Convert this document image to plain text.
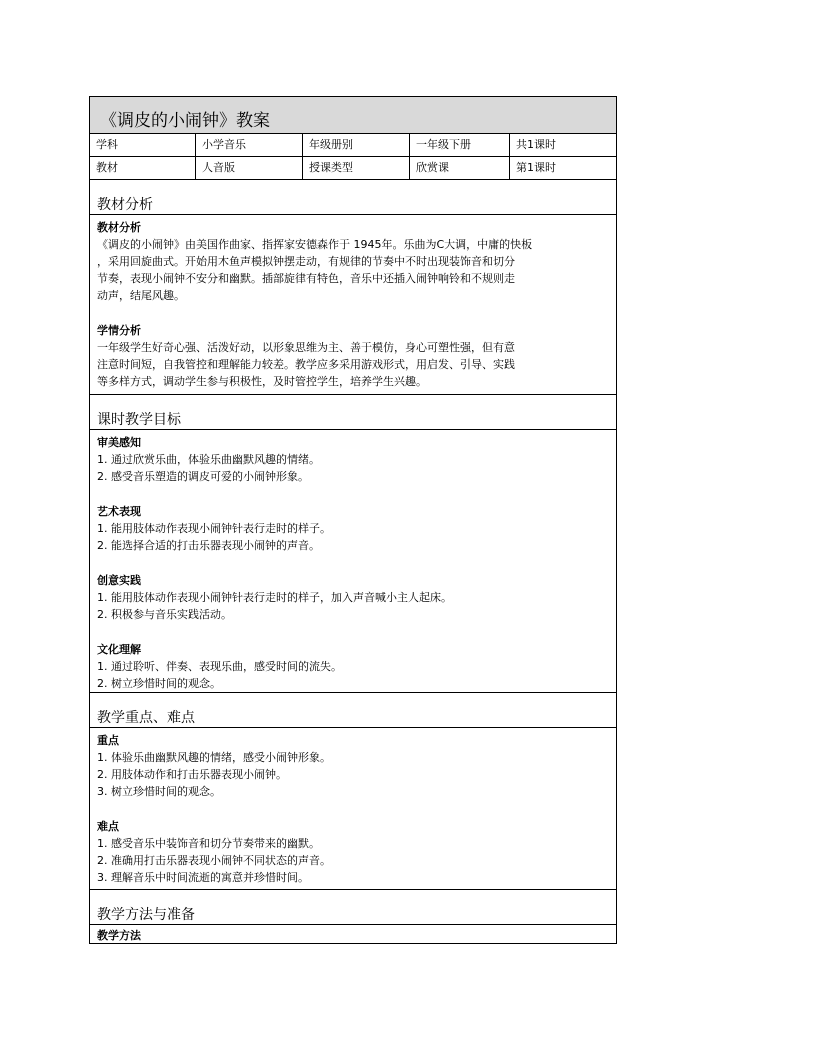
《调皮的小闹钟》教案
学科	小学音乐	年级册别	一年级下册	共1课时
教材	人音版	授课类型	欣赏课	第1课时
教材分析
教材分析
《调皮的小闹钟》由美国作曲家、指挥家安德森作于 1945年。乐曲为C大调，中庸的快板
，采用回旋曲式。开始用木鱼声模拟钟摆走动，有规律的节奏中不时出现装饰音和切分
节奏，表现小闹钟不安分和幽默。插部旋律有特色，音乐中还插入闹钟响铃和不规则走
动声，结尾风趣。
学情分析
一年级学生好奇心强、活泼好动，以形象思维为主、善于模仿，身心可塑性强，但有意
注意时间短，自我管控和理解能力较差。教学应多采用游戏形式，用启发、引导、实践
等多样方式，调动学生参与积极性，及时管控学生，培养学生兴趣。
课时教学目标
审美感知
1. 通过欣赏乐曲，体验乐曲幽默风趣的情绪。
2. 感受音乐塑造的调皮可爱的小闹钟形象。
艺术表现
1. 能用肢体动作表现小闹钟针表行走时的样子。
2. 能选择合适的打击乐器表现小闹钟的声音。
创意实践
1. 能用肢体动作表现小闹钟针表行走时的样子，加入声音喊小主人起床。
2. 积极参与音乐实践活动。
文化理解
1. 通过聆听、伴奏、表现乐曲，感受时间的流失。
2. 树立珍惜时间的观念。
教学重点、难点
重点
1. 体验乐曲幽默风趣的情绪，感受小闹钟形象。
2. 用肢体动作和打击乐器表现小闹钟。
3. 树立珍惜时间的观念。
难点
1. 感受音乐中装饰音和切分节奏带来的幽默。
2. 准确用打击乐器表现小闹钟不同状态的声音。
3. 理解音乐中时间流逝的寓意并珍惜时间。
教学方法与准备
教学方法
